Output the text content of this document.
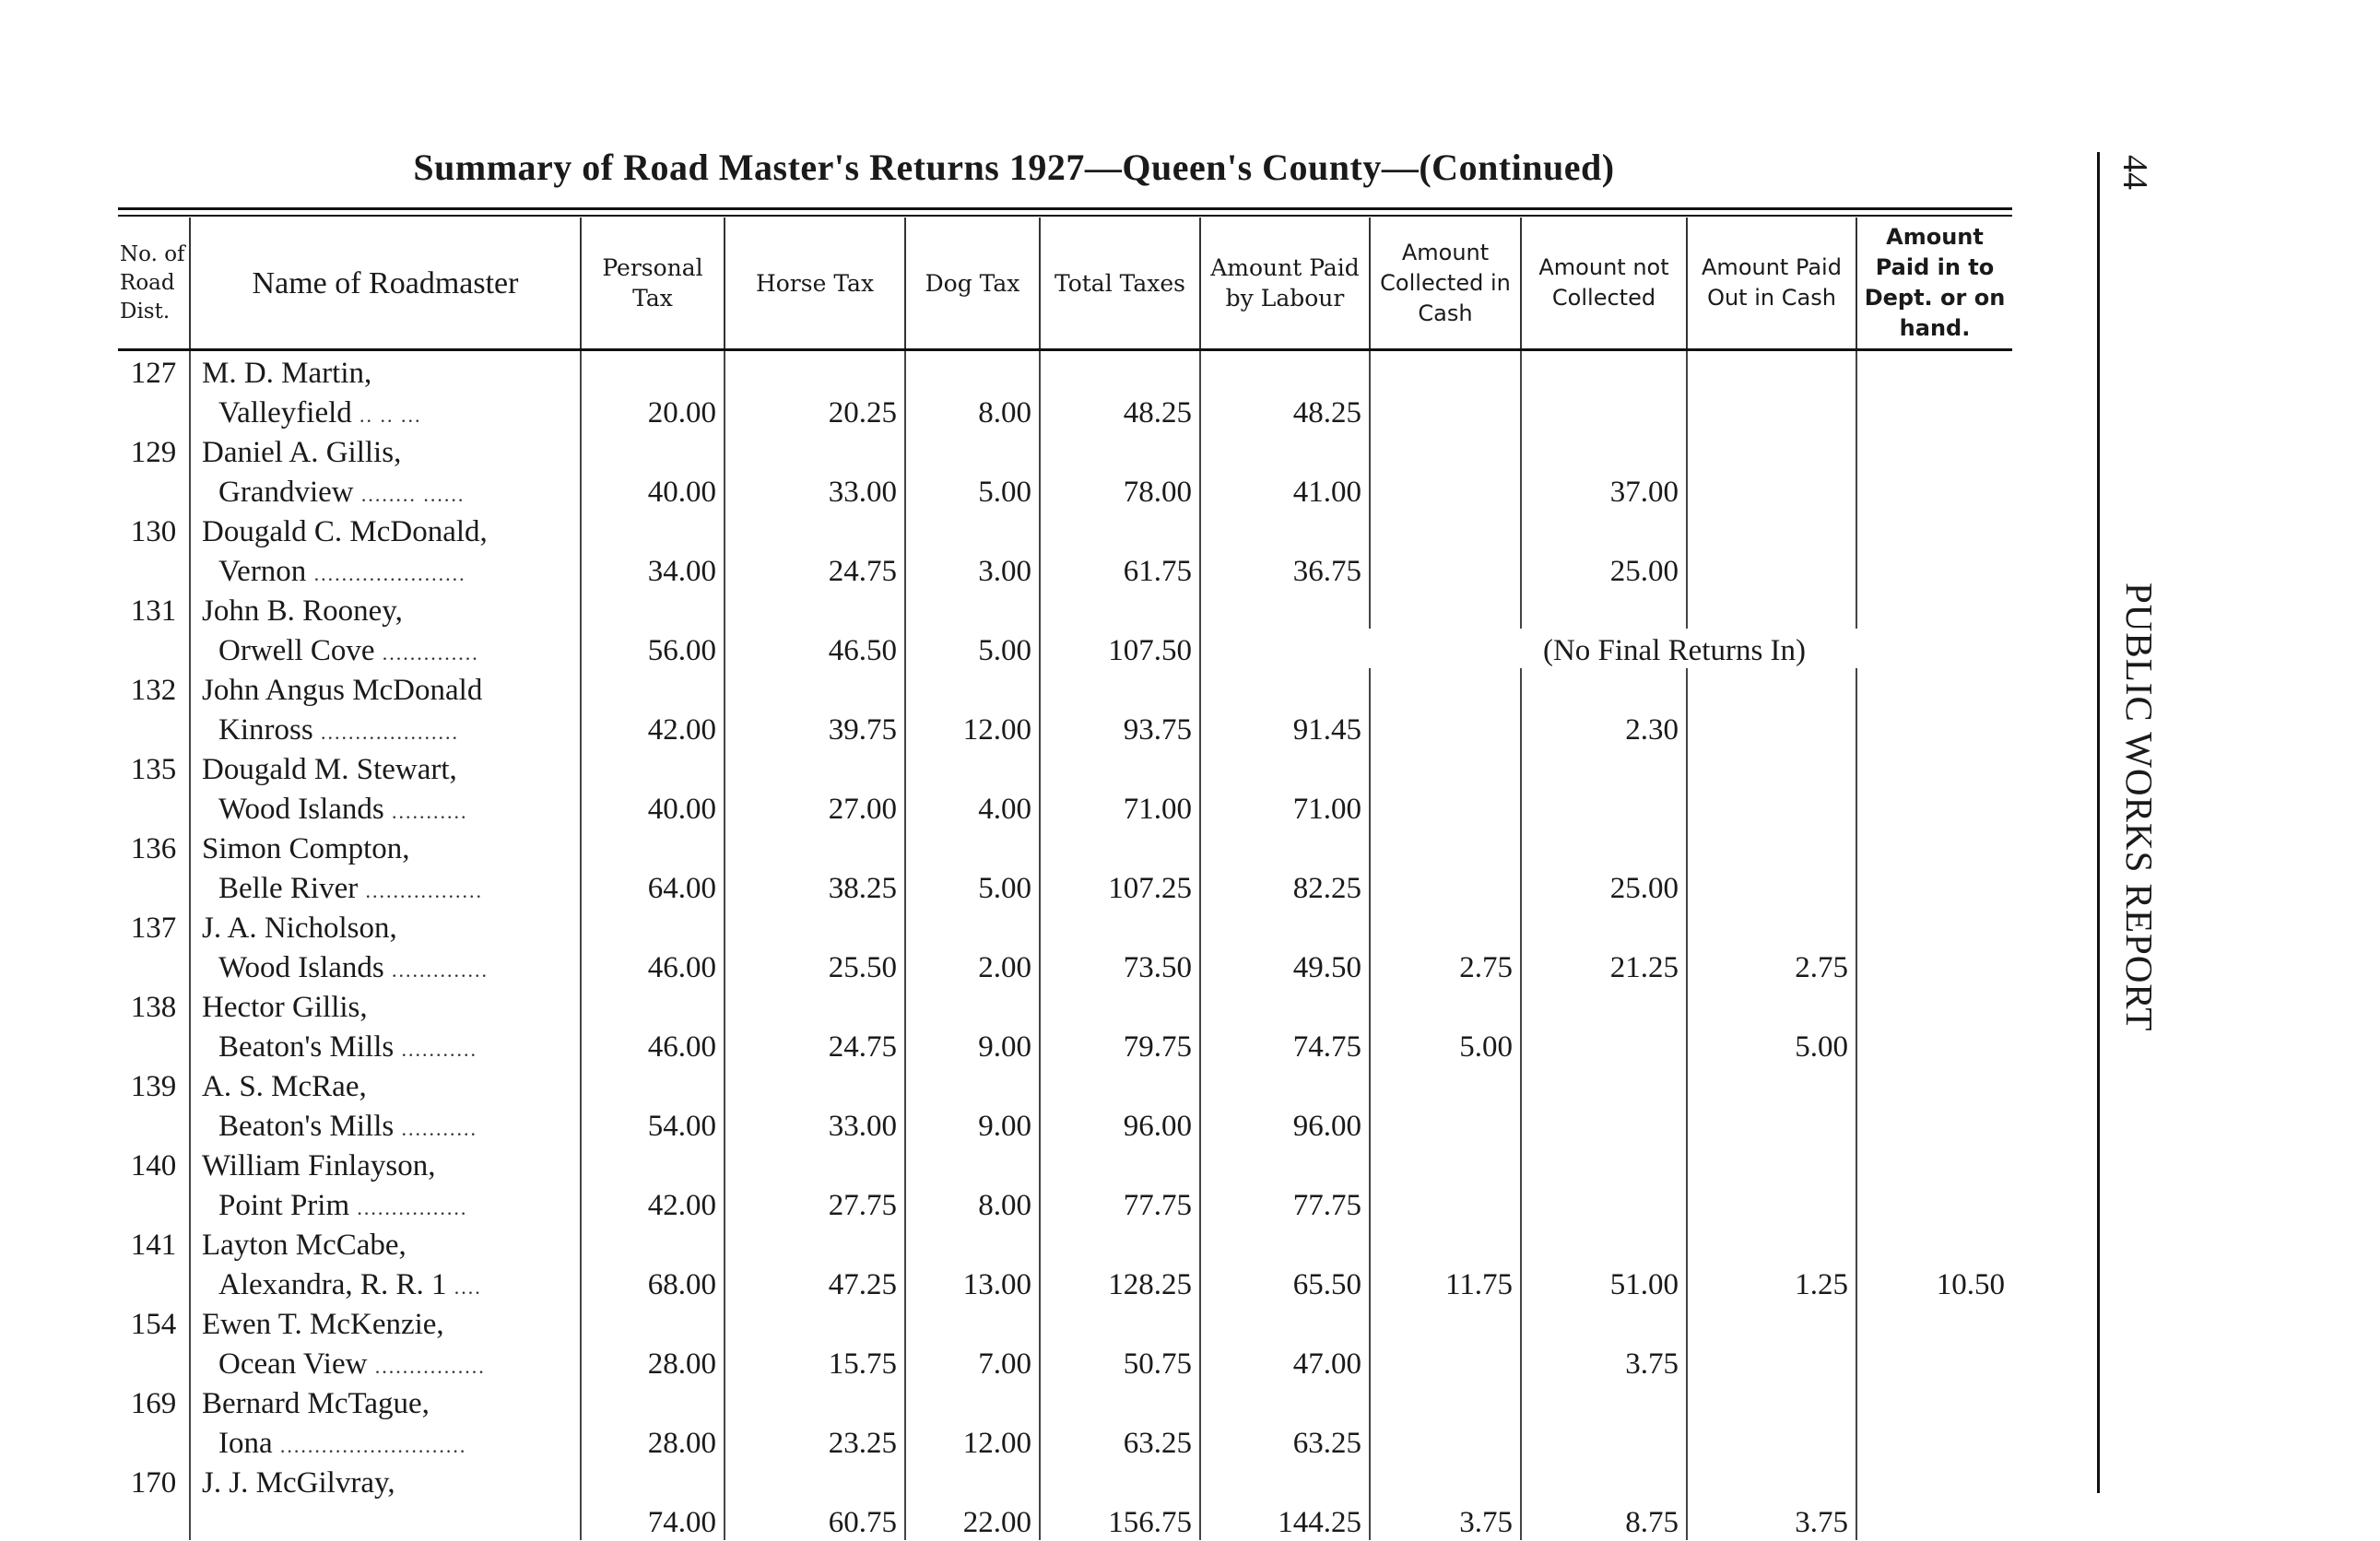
Summary of Road Master's Returns 1927—Queen's County—(Continued)
No. of Road Dist.	Name of Roadmaster	Personal Tax	Horse Tax	Dog Tax	Total Taxes	Amount Paid by Labour	Amount Collected in Cash	Amount not Collected	Amount Paid Out in Cash	Amount Paid in to Dept. or on hand.
127	M. D. Martin,									
	Valleyfield .. .. ...	20.00	20.25	8.00	48.25	48.25				
129	Daniel A. Gillis,									
	Grandview ........ ......	40.00	33.00	5.00	78.00	41.00		37.00		
130	Dougald C. McDonald,									
	Vernon ......................	34.00	24.75	3.00	61.75	36.75		25.00		
131	John B. Rooney,									
	Orwell Cove ..............	56.00	46.50	5.00	107.50		(No Final Returns In)			
132	John Angus McDonald									
	Kinross ....................	42.00	39.75	12.00	93.75	91.45		2.30		
135	Dougald M. Stewart,									
	Wood Islands ...........	40.00	27.00	4.00	71.00	71.00				
136	Simon Compton,									
	Belle River .................	64.00	38.25	5.00	107.25	82.25		25.00		
137	J. A. Nicholson,									
	Wood Islands ..............	46.00	25.50	2.00	73.50	49.50	2.75	21.25	2.75	
138	Hector Gillis,									
	Beaton's Mills ...........	46.00	24.75	9.00	79.75	74.75	5.00		5.00	
139	A. S. McRae,									
	Beaton's Mills ...........	54.00	33.00	9.00	96.00	96.00				
140	William Finlayson,									
	Point Prim ................	42.00	27.75	8.00	77.75	77.75				
141	Layton McCabe,									
	Alexandra, R. R. 1 ....	68.00	47.25	13.00	128.25	65.50	11.75	51.00	1.25	10.50
154	Ewen T. McKenzie,									
	Ocean View ................	28.00	15.75	7.00	50.75	47.00		3.75		
169	Bernard McTague,									
	Iona ...........................	28.00	23.25	12.00	63.25	63.25				
170	J. J. McGilvray,									
		74.00	60.75	22.00	156.75	144.25	3.75	8.75	3.75	
44
PUBLIC WORKS REPORT
